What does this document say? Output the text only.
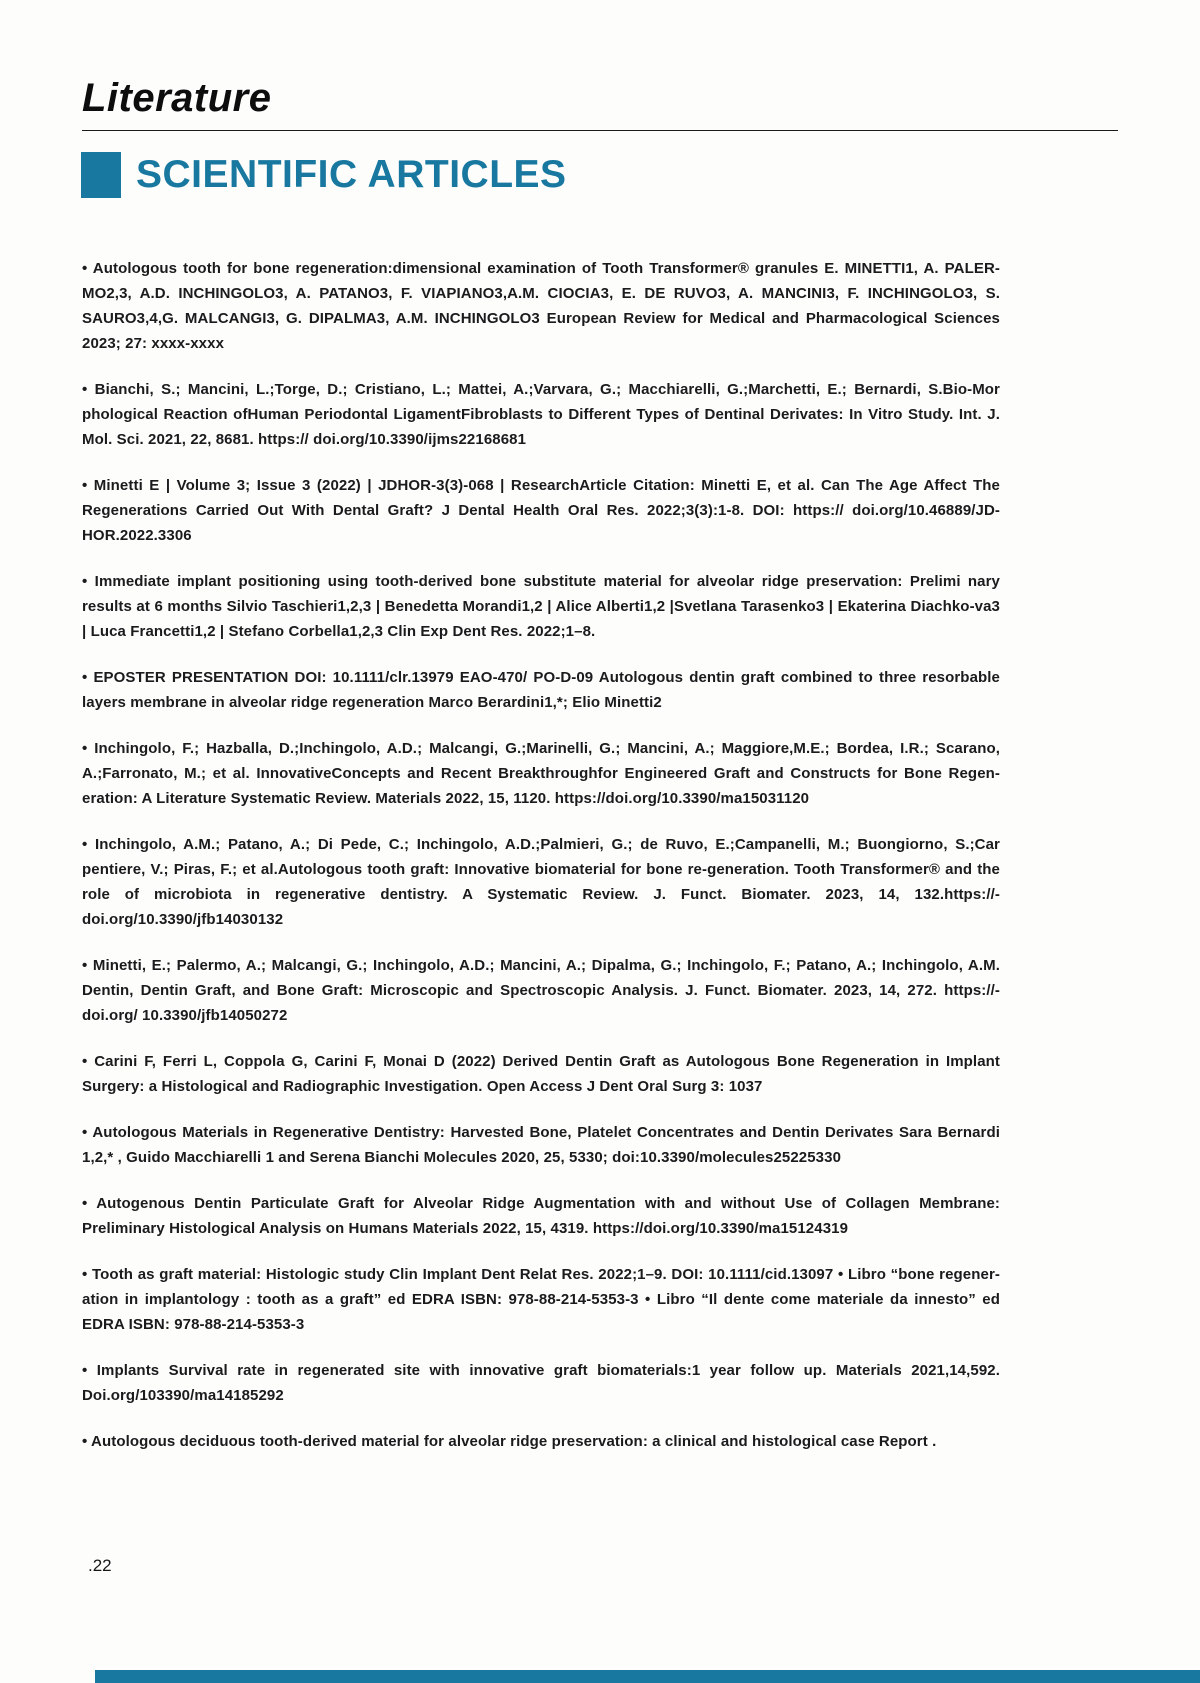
Literature
SCIENTIFIC ARTICLES

• Autologous tooth for bone regeneration:dimensional examination of Tooth Transformer® granules E. MINETTI1, A. PALER-MO2,3, A.D. INCHINGOLO3, A. PATANO3, F. VIAPIANO3,A.M. CIOCIA3, E. DE RUVO3, A. MANCINI3, F. INCHINGOLO3, S. SAURO3,4,G. MALCANGI3, G. DIPALMA3, A.M. INCHINGOLO3 European Review for Medical and Pharmacological Sciences 2023; 27: xxxx-xxxx

• Bianchi, S.; Mancini, L.;Torge, D.; Cristiano, L.; Mattei, A.;Varvara, G.; Macchiarelli, G.;Marchetti, E.; Bernardi, S.Bio-Mor phological Reaction ofHuman Periodontal LigamentFibroblasts to Different Types of Dentinal Derivates: In Vitro Study. Int. J. Mol. Sci. 2021, 22, 8681. https:// doi.org/10.3390/ijms22168681

• Minetti E | Volume 3; Issue 3 (2022) | JDHOR-3(3)-068 | ResearchArticle Citation: Minetti E, et al. Can The Age Affect The Regenerations Carried Out With Dental Graft? J Dental Health Oral Res. 2022;3(3):1-8. DOI: https:// doi.org/10.46889/JD-HOR.2022.3306

• Immediate implant positioning using tooth-derived bone substitute material for alveolar ridge preservation: Prelimi nary results at 6 months Silvio Taschieri1,2,3 | Benedetta Morandi1,2 | Alice Alberti1,2 |Svetlana Tarasenko3 | Ekaterina Diachko-va3 | Luca Francetti1,2 | Stefano Corbella1,2,3 Clin Exp Dent Res. 2022;1–8.

• EPOSTER PRESENTATION DOI: 10.1111/clr.13979 EAO-470/ PO-D-09 Autologous dentin graft combined to three resorbable layers membrane in alveolar ridge regeneration Marco Berardini1,*; Elio Minetti2

• Inchingolo, F.; Hazballa, D.;Inchingolo, A.D.; Malcangi, G.;Marinelli, G.; Mancini, A.; Maggiore,M.E.; Bordea, I.R.; Scarano, A.;Farronato, M.; et al. InnovativeConcepts and Recent Breakthroughfor Engineered Graft and Constructs for Bone Regen-eration: A Literature Systematic Review. Materials 2022, 15, 1120. https://doi.org/10.3390/ma15031120

• Inchingolo, A.M.; Patano, A.; Di Pede, C.; Inchingolo, A.D.;Palmieri, G.; de Ruvo, E.;Campanelli, M.; Buongiorno, S.;Car pentiere, V.; Piras, F.; et al.Autologous tooth graft: Innovative biomaterial for bone re-generation. Tooth Transformer® and the role of microbiota in regenerative dentistry. A Systematic Review. J. Funct. Biomater. 2023, 14, 132.https://-doi.org/10.3390/jfb14030132

• Minetti, E.; Palermo, A.; Malcangi, G.; Inchingolo, A.D.; Mancini, A.; Dipalma, G.; Inchingolo, F.; Patano, A.; Inchingolo, A.M. Dentin, Dentin Graft, and Bone Graft: Microscopic and Spectroscopic Analysis. J. Funct. Biomater. 2023, 14, 272. https://-doi.org/ 10.3390/jfb14050272

• Carini F, Ferri L, Coppola G, Carini F, Monai D (2022) Derived Dentin Graft as Autologous Bone Regeneration in Implant Surgery: a Histological and Radiographic Investigation. Open Access J Dent Oral Surg 3: 1037

• Autologous Materials in Regenerative Dentistry: Harvested Bone, Platelet Concentrates and Dentin Derivates Sara Bernardi 1,2,* , Guido Macchiarelli 1 and Serena Bianchi Molecules 2020, 25, 5330; doi:10.3390/molecules25225330

• Autogenous Dentin Particulate Graft for Alveolar Ridge Augmentation with and without Use of Collagen Membrane: Preliminary Histological Analysis on Humans Materials 2022, 15, 4319. https://doi.org/10.3390/ma15124319

• Tooth as graft material: Histologic study Clin Implant Dent Relat Res. 2022;1–9. DOI: 10.1111/cid.13097 • Libro “bone regener-ation in implantology : tooth as a graft” ed EDRA ISBN: 978-88-214-5353-3 • Libro “Il dente come materiale da innesto” ed EDRA ISBN: 978-88-214-5353-3

• Implants Survival rate in regenerated site with innovative graft biomaterials:1 year follow up. Materials 2021,14,592. Doi.org/103390/ma14185292

• Autologous deciduous tooth-derived material for alveolar ridge preservation: a clinical and histological case Report .

.22
